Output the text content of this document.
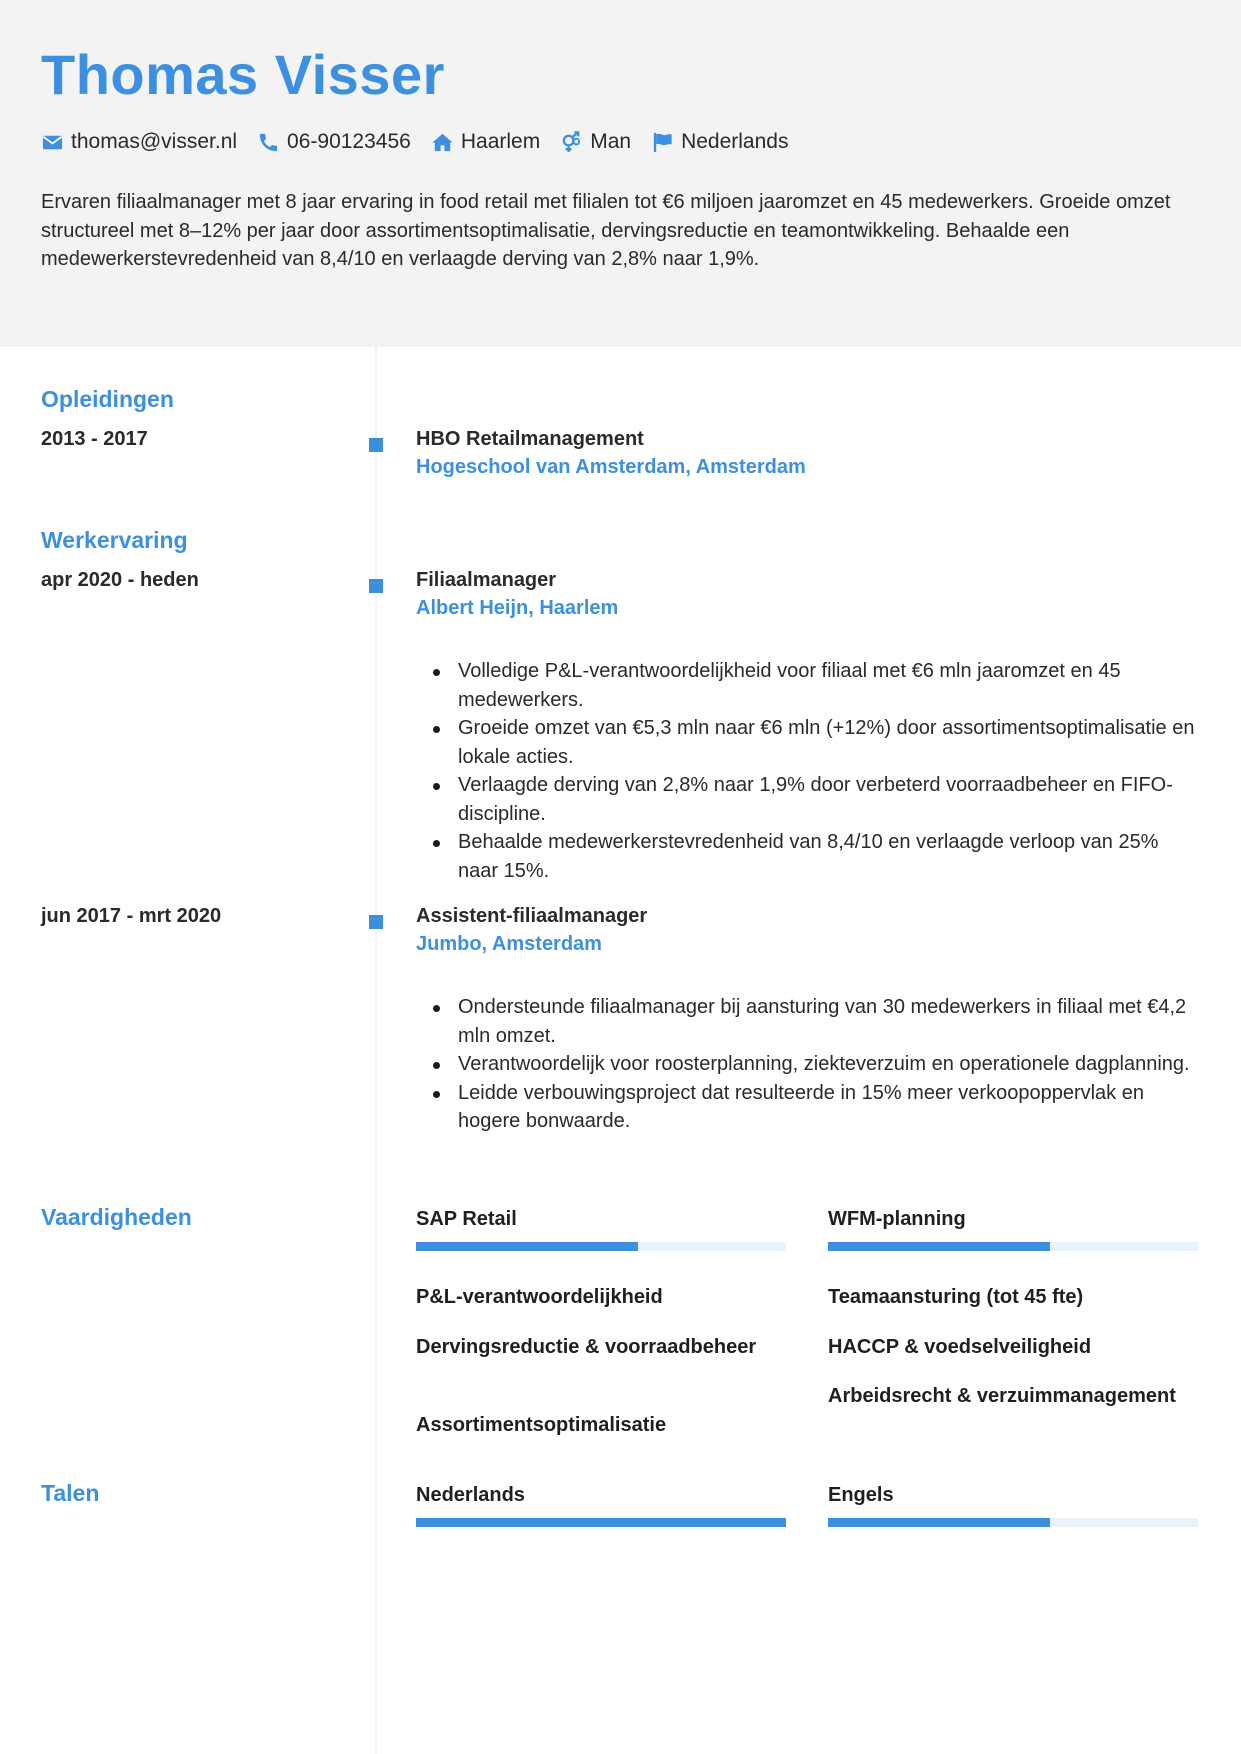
Thomas Visser
thomas@visser.nl 06-90123456 Haarlem Man Nederlands

Ervaren filiaalmanager met 8 jaar ervaring in food retail met filialen tot €6 miljoen jaaromzet en 45 medewerkers. Groeide omzet structureel met 8–12% per jaar door assortimentsoptimalisatie, dervingsreductie en teamontwikkeling. Behaalde een medewerkerstevredenheid van 8,4/10 en verlaagde derving van 2,8% naar 1,9%.

Opleidingen
2013 - 2017	HBO Retailmanagement
Hogeschool van Amsterdam, Amsterdam
Werkervaring
apr 2020 - heden	Filiaalmanager
Albert Heijn, Haarlem
Volledige P&L-verantwoordelijkheid voor filiaal met €6 mln jaaromzet en 45 medewerkers.
Groeide omzet van €5,3 mln naar €6 mln (+12%) door assortimentsoptimalisatie en lokale acties.
Verlaagde derving van 2,8% naar 1,9% door verbeterd voorraadbeheer en FIFO-discipline.
Behaalde medewerkerstevredenheid van 8,4/10 en verlaagde verloop van 25% naar 15%.
jun 2017 - mrt 2020	Assistent-filiaalmanager
Jumbo, Amsterdam
Ondersteunde filiaalmanager bij aansturing van 30 medewerkers in filiaal met €4,2 mln omzet.
Verantwoordelijk voor roosterplanning, ziekteverzuim en operationele dagplanning.
Leidde verbouwingsproject dat resulteerde in 15% meer verkoopoppervlak en hogere bonwaarde.
Vaardigheden	SAP Retail	WFM-planning
P&L-verantwoordelijkheid
Dervingsreductie & voorraadbeheer
Assortimentsoptimalisatie
Teamaansturing (tot 45 fte)
HACCP & voedselveiligheid
Arbeidsrecht & verzuimmanagement
Talen	Nederlands	Engels
